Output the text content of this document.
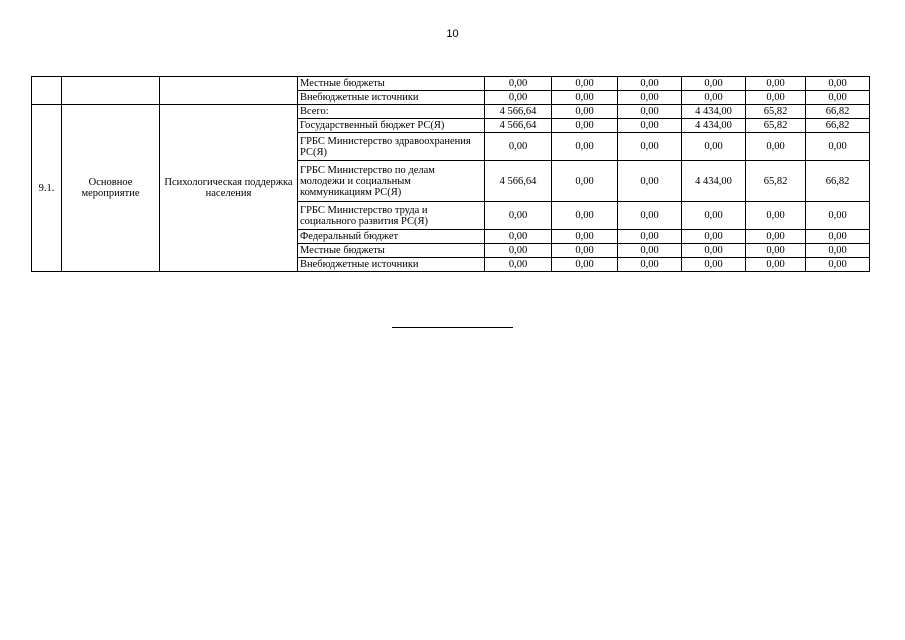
10
			Местные бюджеты	0,00	0,00	0,00	0,00	0,00	0,00
			Внебюджетные источники	0,00	0,00	0,00	0,00	0,00	0,00
9.1.	Основное мероприятие	Психологическая поддержка населения	Всего:	4 566,64	0,00	0,00	4 434,00	65,82	66,82
			Государственный бюджет РС(Я)	4 566,64	0,00	0,00	4 434,00	65,82	66,82
			ГРБС Министерство здравоохранения РС(Я)	0,00	0,00	0,00	0,00	0,00	0,00
			ГРБС Министерство по делам молодежи и социальным коммуникациям РС(Я)	4 566,64	0,00	0,00	4 434,00	65,82	66,82
			ГРБС Министерство труда и социального развития РС(Я)	0,00	0,00	0,00	0,00	0,00	0,00
			Федеральный бюджет	0,00	0,00	0,00	0,00	0,00	0,00
			Местные бюджеты	0,00	0,00	0,00	0,00	0,00	0,00
			Внебюджетные источники	0,00	0,00	0,00	0,00	0,00	0,00
